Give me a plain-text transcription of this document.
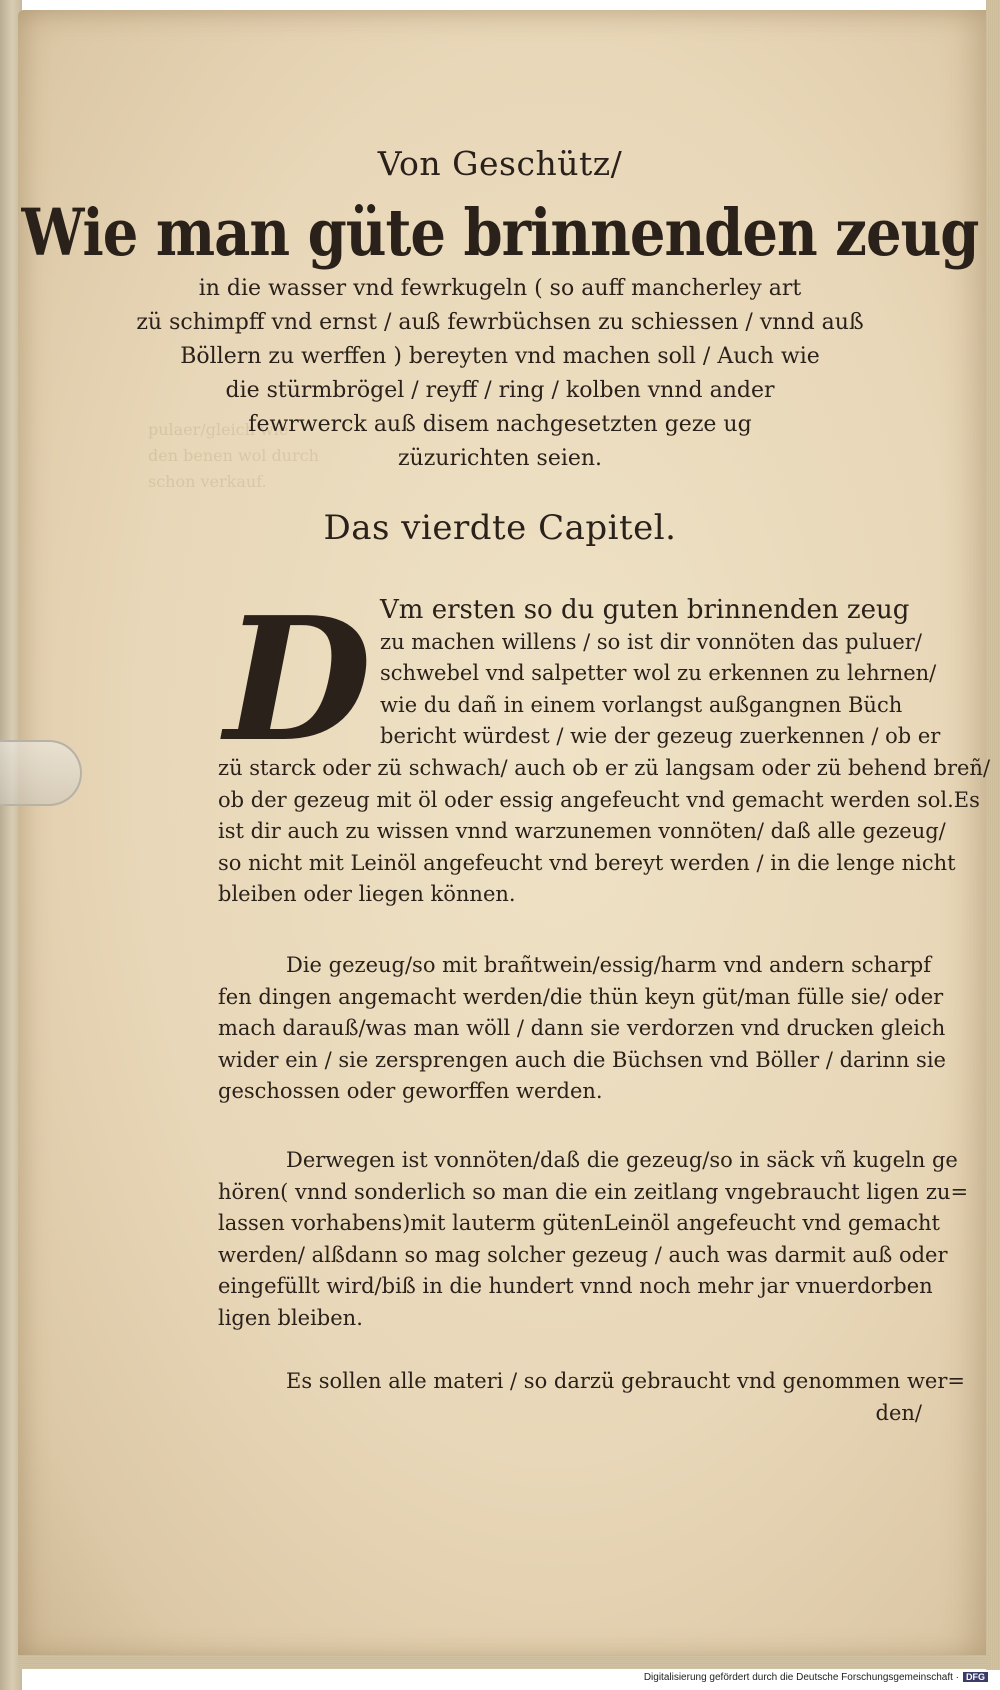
pulaer/gleich wie
den benen wol durch
schon verkauf.
Von Geschütz/
Wie man güte brinnenden zeug
in die wasser vnd fewrkugeln ( so auff mancherley art
zü schimpff vnd ernst / auß fewrbüchsen zu schiessen / vnnd auß
Böllern zu werffen ) bereyten vnd machen soll / Auch wie
die stürmbrögel / reyff / ring / kolben vnnd ander
fewrwerck auß disem nachgesetzten geze ug
züzurichten seien.
Das vierdte Capitel.
D Vm ersten so du guten brinnenden zeug
zu machen willens / so ist dir vonnöten das puluer/
schwebel vnd salpetter wol zu erkennen zu lehrnen/
wie du dañ in einem vorlangst außgangnen Büch
bericht würdest / wie der gezeug zuerkennen / ob er
zü starck oder zü schwach/ auch ob er zü langsam oder zü behend breñ/
ob der gezeug mit öl oder essig angefeucht vnd gemacht werden sol.Es
ist dir auch zu wissen vnnd warzunemen vonnöten/ daß alle gezeug/
so nicht mit Leinöl angefeucht vnd bereyt werden / in die lenge nicht
bleiben oder liegen können.
Die gezeug/so mit brañtwein/essig/harm vnd andern scharpf
fen dingen angemacht werden/die thün keyn güt/man fülle sie/ oder
mach darauß/was man wöll / dann sie verdorzen vnd drucken gleich
wider ein / sie zersprengen auch die Büchsen vnd Böller / darinn sie
geschossen oder geworffen werden.
Derwegen ist vonnöten/daß die gezeug/so in säck vñ kugeln ge
hören( vnnd sonderlich so man die ein zeitlang vngebraucht ligen zu=
lassen vorhabens)mit lauterm gütenLeinöl angefeucht vnd gemacht
werden/ alßdann so mag solcher gezeug / auch was darmit auß oder
eingefüllt wird/biß in die hundert vnnd noch mehr jar vnuerdorben
ligen bleiben.
Es sollen alle materi / so darzü gebraucht vnd genommen wer=
den/
Digitalisierung gefördert durch die Deutsche Forschungsgemeinschaft · DFG
